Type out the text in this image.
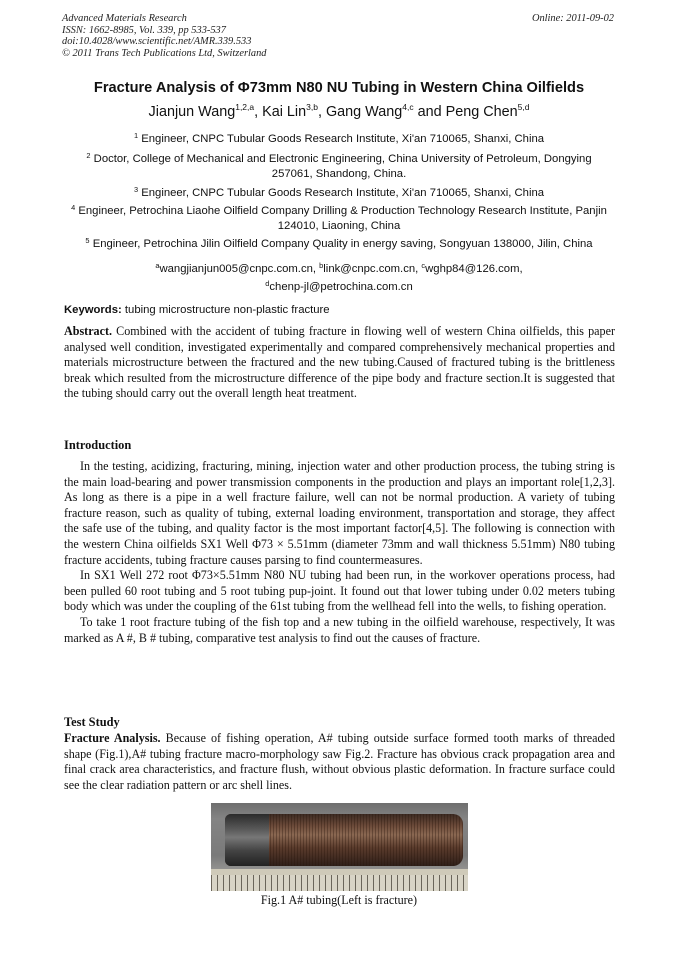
Advanced Materials Research
ISSN: 1662-8985, Vol. 339, pp 533-537
doi:10.4028/www.scientific.net/AMR.339.533
© 2011 Trans Tech Publications Ltd, Switzerland
Online: 2011-09-02
Fracture Analysis of Φ73mm N80 NU Tubing in Western China Oilfields
Jianjun Wang$^{1,2,a}$, Kai Lin$^{3,b}$, Gang Wang$^{4,c}$ and Peng Chen$^{5,d}$
$^1$ Engineer, CNPC Tubular Goods Research Institute, Xi'an 710065, Shanxi, China
$^2$ Doctor, College of Mechanical and Electronic Engineering, China University of Petroleum, Dongying 257061, Shandong, China.
$^3$ Engineer, CNPC Tubular Goods Research Institute, Xi'an 710065, Shanxi, China
$^4$ Engineer, Petrochina Liaohe Oilfield Company Drilling & Production Technology Research Institute, Panjin 124010, Liaoning, China
$^5$ Engineer, Petrochina Jilin Oilfield Company Quality in energy saving, Songyuan 138000, Jilin, China
$^a$wangjianjun005@cnpc.com.cn, $^b$link@cnpc.com.cn, $^c$wghp84@126.com,
$^d$chenp-jl@petrochina.com.cn
Keywords: tubing microstructure non-plastic fracture

Abstract. Combined with the accident of tubing fracture in flowing well of western China oilfields, this paper analysed well condition, investigated experimentally and compared comprehensively mechanical properties and materials microstructure between the fractured and the new tubing.Caused of fractured tubing is the brittleness break which resulted from the microstructure difference of the pipe body and fracture section.It is suggested that the tubing should carry out the overall length heat treatment.

Introduction

In the testing, acidizing, fracturing, mining, injection water and other production process, the tubing string is the main load-bearing and power transmission components in the production and plays an important role[1,2,3]. As long as there is a pipe in a well fracture failure, well can not be normal production. A variety of tubing fracture reason, such as quality of tubing, external loading environment, transportation and storage, they affect the safe use of the tubing, and quality factor is the most important factor[4,5]. The following is connection with the western China oilfields SX1 Well Φ73 × 5.51mm (diameter 73mm and wall thickness 5.51mm) N80 tubing fracture accidents, tubing fracture causes parsing to find countermeasures.

In SX1 Well 272 root Φ73×5.51mm N80 NU tubing had been run, in the workover operations process, had been pulled 60 root tubing and 5 root tubing pup-joint. It found out that lower tubing under 0.02 meters tubing body which was under the coupling of the 61st tubing from the wellhead fell into the wells, to fishing operation.

To take 1 root fracture tubing of the fish top and a new tubing in the oilfield warehouse, respectively, It was marked as A #, B # tubing, comparative test analysis to find out the causes of fracture.

Test Study

Fracture Analysis. Because of fishing operation, A# tubing outside surface formed tooth marks of threaded shape (Fig.1),A# tubing fracture macro-morphology saw Fig.2. Fracture has obvious crack propagation area and final crack area characteristics, and fracture flush, without obvious plastic deformation. In fracture surface could see the clear radiation pattern or arc shell lines.

Fig.1 A# tubing(Left is fracture)
